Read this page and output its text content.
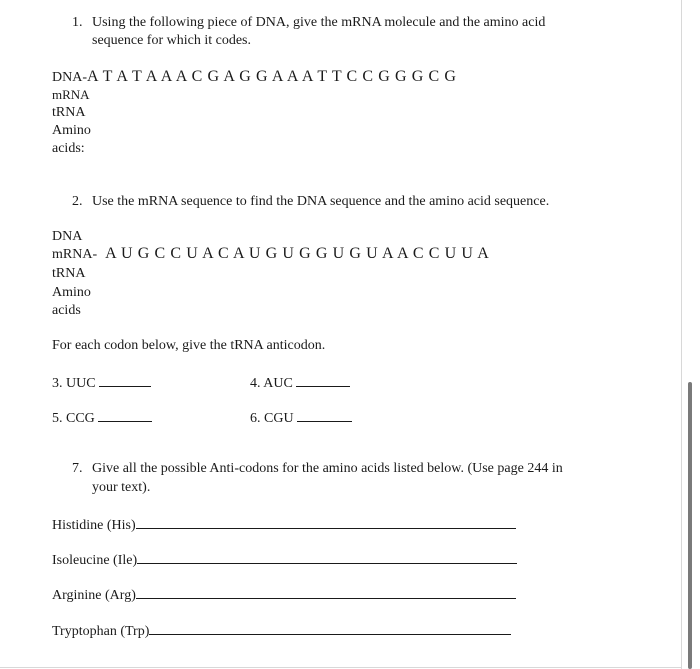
1. Using the following piece of DNA, give the mRNA molecule and the amino acid
sequence for which it codes.
DNA-A T A T A A A C G A G G A A A T T C C G G G C G
mRNA
tRNA
Amino
acids:
2. Use the mRNA sequence to find the DNA sequence and the amino acid sequence.
DNA
mRNA- A U G C C U A C A U G U G G U G U A A C C U U A
tRNA
Amino
acids
For each codon below, give the tRNA anticodon.
3. UUC	4. AUC
5. CCG	6. CGU
7. Give all the possible Anti-codons for the amino acids listed below. (Use page 244 in
your text).
Histidine (His)
Isoleucine (Ile)
Arginine (Arg)
Tryptophan (Trp)
